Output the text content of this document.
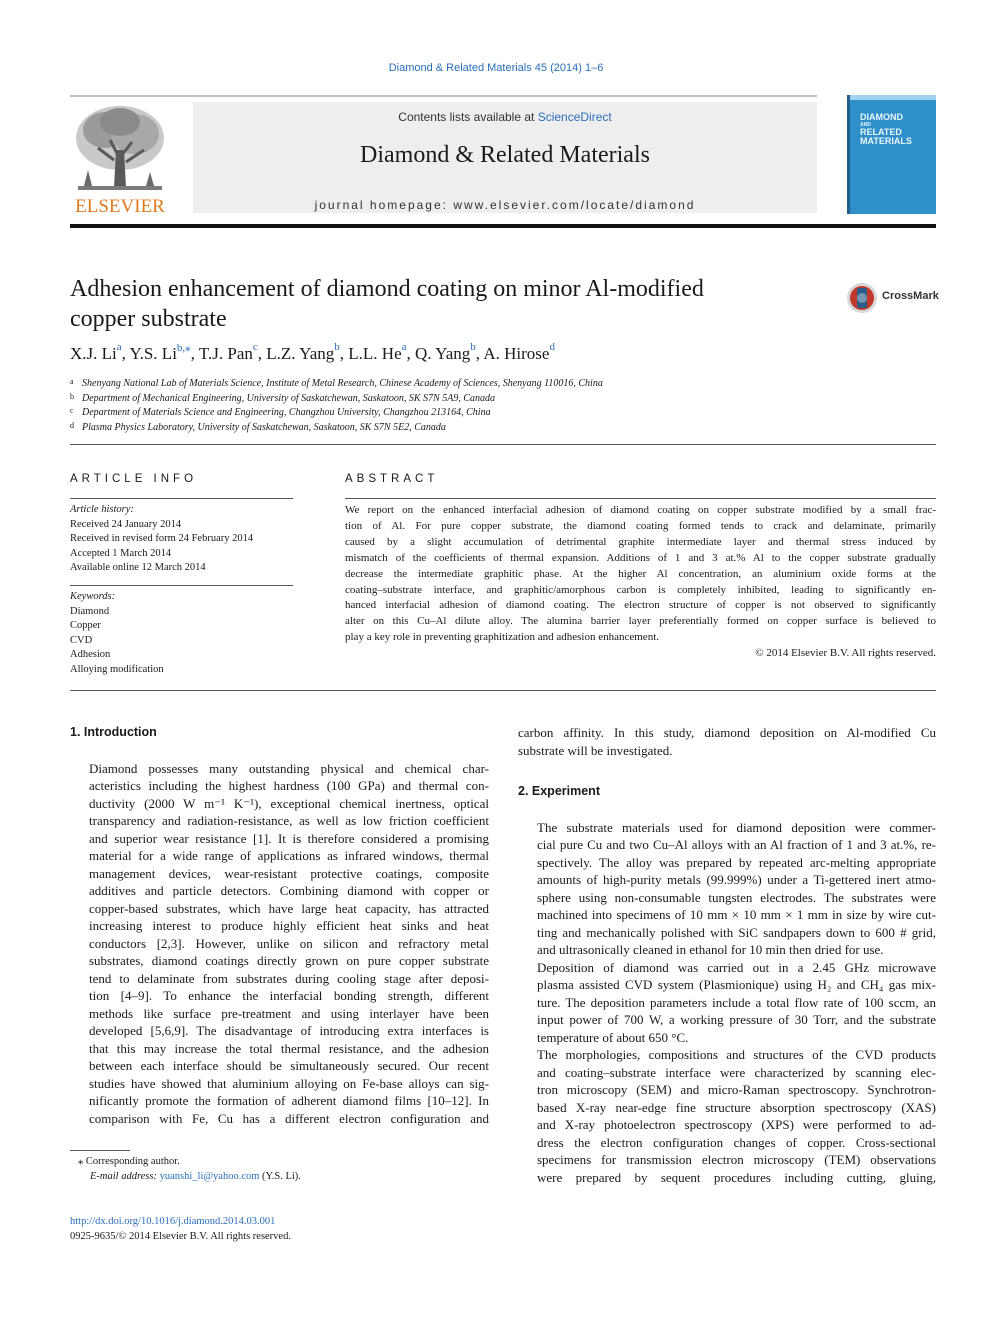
Diamond & Related Materials 45 (2014) 1–6
ELSEVIER
Contents lists available at ScienceDirect
Diamond & Related Materials
journal homepage: www.elsevier.com/locate/diamond
DIAMOND
AND
RELATED
MATERIALS
Adhesion enhancement of diamond coating on minor Al-modified
copper substrate
CrossMark
X.J. Li$^a$, Y.S. $Li^{b,⁎}$, T.J. Pan$^c$, L.Z. Yang$^b$, L.L. He$^a$, Q. Yang$^b$, A. Hirose$^d$
a Shenyang National Lab of Materials Science, Institute of Metal Research, Chinese Academy of Sciences, Shenyang 110016, China
b Department of Mechanical Engineering, University of Saskatchewan, Saskatoon, SK S7N 5A9, Canada
c Department of Materials Science and Engineering, Changzhou University, Changzhou 213164, China
d Plasma Physics Laboratory, University of Saskatchewan, Saskatoon, SK S7N 5E2, Canada
ARTICLE INFO	ABSTRACT
Article history:
Received 24 January 2014
Received in revised form 24 February 2014
Accepted 1 March 2014
Available online 12 March 2014
Keywords:
Diamond
Copper
CVD
Adhesion
Alloying modification
We report on the enhanced interfacial adhesion of diamond coating on copper substrate modified by a small frac-
tion of Al. For pure copper substrate, the diamond coating formed tends to crack and delaminate, primarily
caused by a slight accumulation of detrimental graphite intermediate layer and thermal stress induced by
mismatch of the coefficients of thermal expansion. Additions of 1 and 3 at.% Al to the copper substrate gradually
decrease the intermediate graphitic phase. At the higher Al concentration, an aluminium oxide forms at the
coating–substrate interface, and graphitic/amorphous carbon is completely inhibited, leading to significantly en-
hanced interfacial adhesion of diamond coating. The electron structure of copper is not observed to significantly
alter on this Cu–Al dilute alloy. The alumina barrier layer preferentially formed on copper surface is believed to
play a key role in preventing graphitization and adhesion enhancement.
© 2014 Elsevier B.V. All rights reserved.
1. Introduction
Diamond possesses many outstanding physical and chemical char-
acteristics including the highest hardness (100 GPa) and thermal con-
ductivity (2000 W m⁻¹ K⁻¹), exceptional chemical inertness, optical
transparency and radiation-resistance, as well as low friction coefficient
and superior wear resistance [1]. It is therefore considered a promising
material for a wide range of applications as infrared windows, thermal
management devices, wear-resistant protective coatings, composite
additives and particle detectors. Combining diamond with copper or
copper-based substrates, which have large heat capacity, has attracted
increasing interest to produce highly efficient heat sinks and heat
conductors [2,3]. However, unlike on silicon and refractory metal
substrates, diamond coatings directly grown on pure copper substrate
tend to delaminate from substrates during cooling stage after deposi-
tion [4–9]. To enhance the interfacial bonding strength, different
methods like surface pre-treatment and using interlayer have been
developed [5,6,9]. The disadvantage of introducing extra interfaces is
that this may increase the total thermal resistance, and the adhesion
between each interface should be simultaneously secured. Our recent
studies have showed that aluminium alloying on Fe-base alloys can sig-
nificantly promote the formation of adherent diamond films [10–12]. In
comparison with Fe, Cu has a different electron configuration and
carbon affinity. In this study, diamond deposition on Al-modified Cu
substrate will be investigated.
2. Experiment
The substrate materials used for diamond deposition were commer-
cial pure Cu and two Cu–Al alloys with an Al fraction of 1 and 3 at.%, re-
spectively. The alloy was prepared by repeated arc-melting appropriate
amounts of high-purity metals (99.999%) under a Ti-gettered inert atmo-
sphere using non-consumable tungsten electrodes. The substrates were
machined into specimens of 10 mm × 10 mm × 1 mm in size by wire cut-
ting and mechanically polished with SiC sandpapers down to 600 # grid,
and ultrasonically cleaned in ethanol for 10 min then dried for use.
Deposition of diamond was carried out in a 2.45 GHz microwave
plasma assisted CVD system (Plasmionique) using H₂ and CH₄ gas mix-
ture. The deposition parameters include a total flow rate of 100 sccm, an
input power of 700 W, a working pressure of 30 Torr, and the substrate
temperature of about 650 °C.
The morphologies, compositions and structures of the CVD products
and coating–substrate interface were characterized by scanning elec-
tron microscopy (SEM) and micro-Raman spectroscopy. Synchrotron-
based X-ray near-edge fine structure absorption spectroscopy (XAS)
and X-ray photoelectron spectroscopy (XPS) were performed to ad-
dress the electron configuration changes of copper. Cross-sectional
specimens for transmission electron microscopy (TEM) observations
were prepared by sequent procedures including cutting, gluing,
⁎ Corresponding author.
E-mail address: yuanshi_li@yahoo.com (Y.S. Li).
http://dx.doi.org/10.1016/j.diamond.2014.03.001
0925-9635/© 2014 Elsevier B.V. All rights reserved.
